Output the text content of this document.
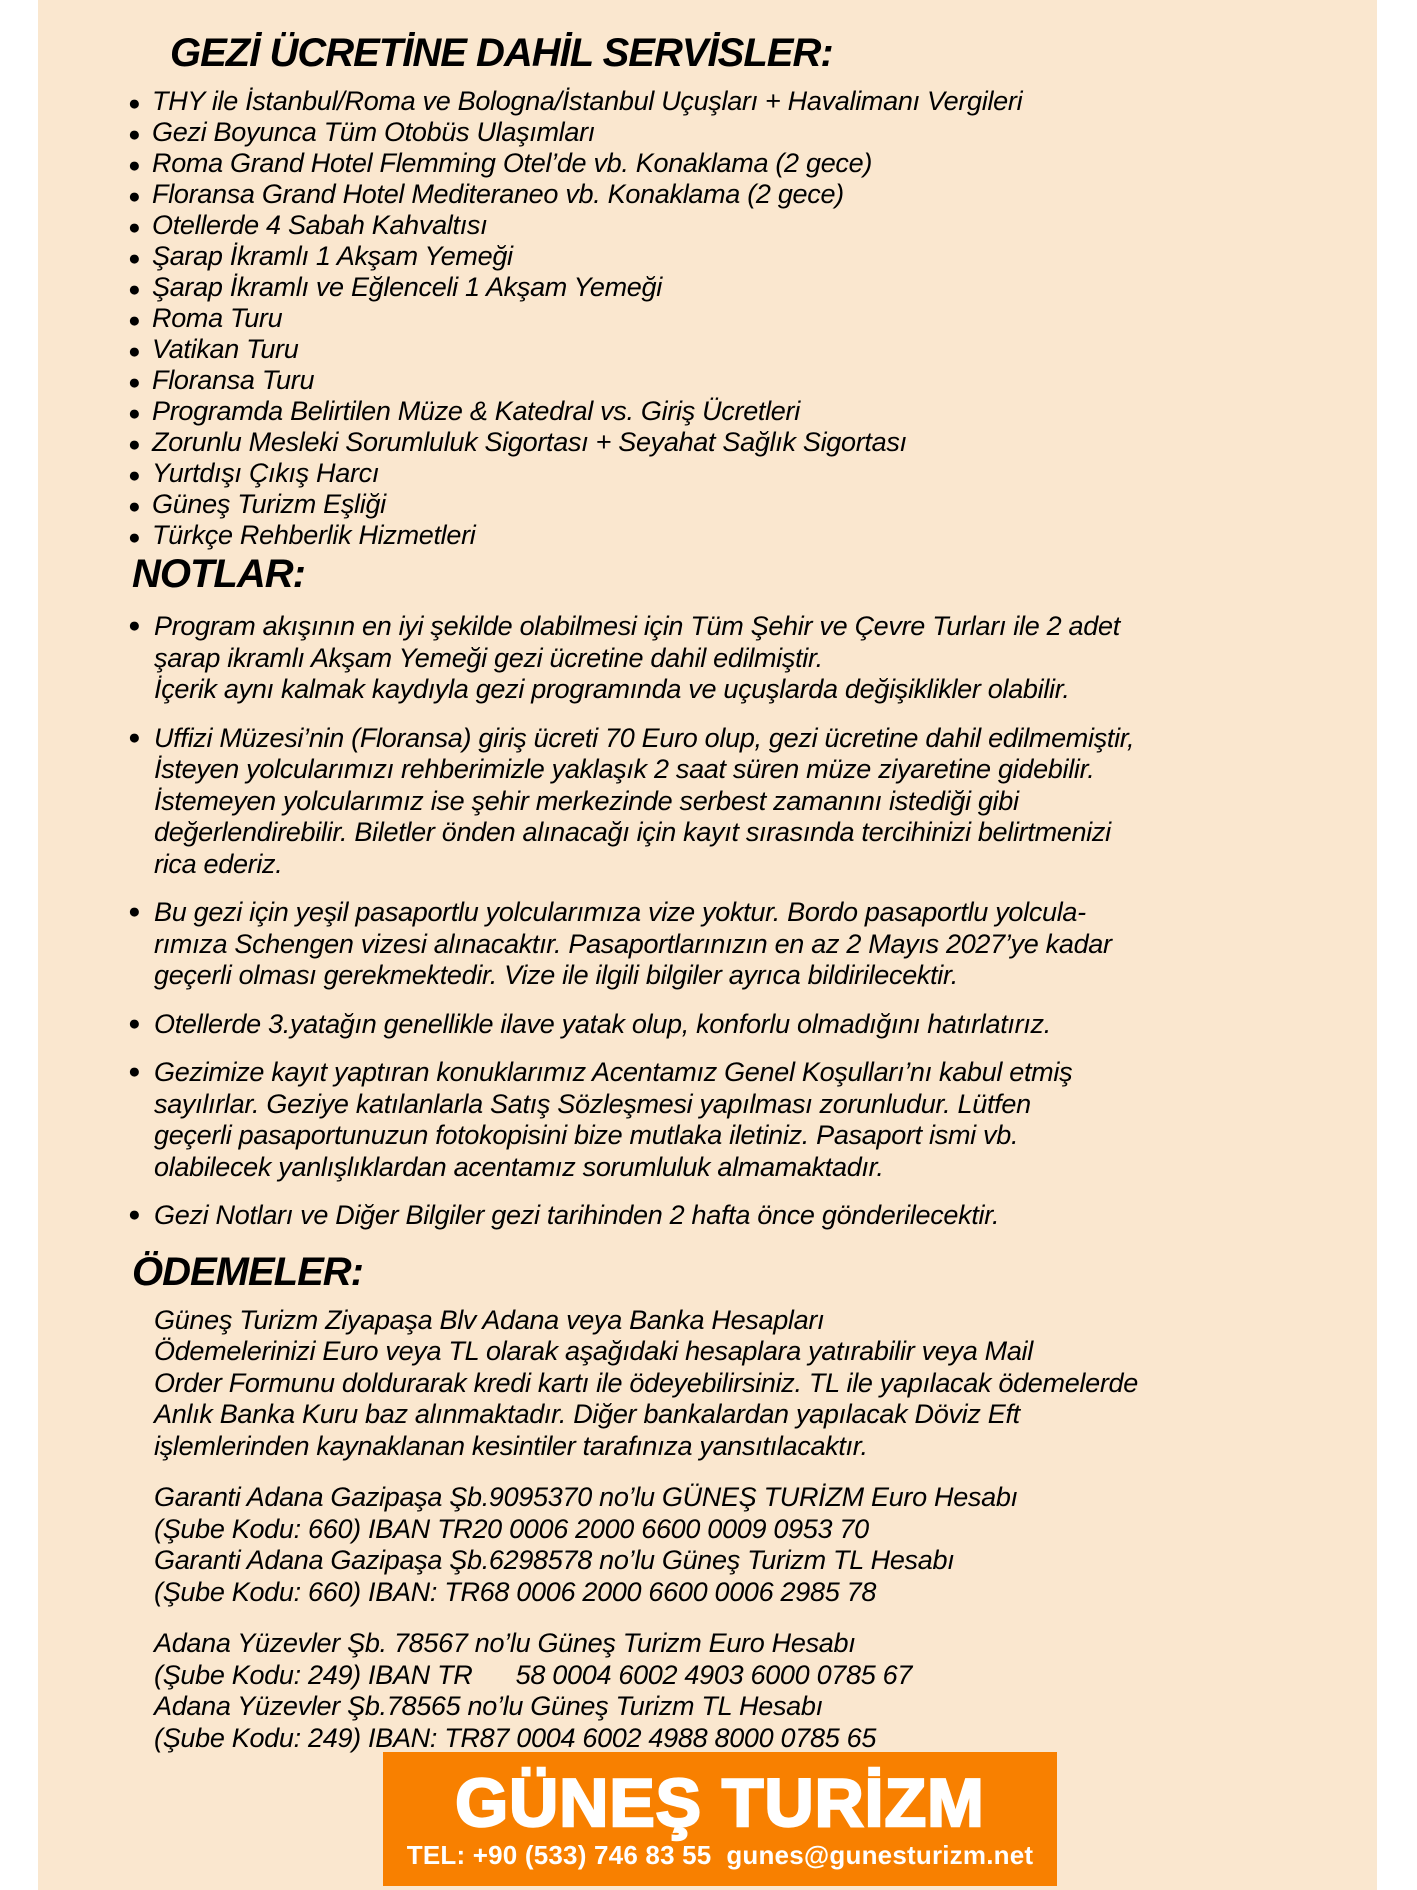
GEZİ ÜCRETİNE DAHİL SERVİSLER:
● THY ile İstanbul/Roma ve Bologna/İstanbul Uçuşları + Havalimanı Vergileri
● Gezi Boyunca Tüm Otobüs Ulaşımları
● Roma Grand Hotel Flemming Otel’de vb. Konaklama (2 gece)
● Floransa Grand Hotel Mediteraneo vb. Konaklama (2 gece)
● Otellerde 4 Sabah Kahvaltısı
● Şarap İkramlı 1 Akşam Yemeği
● Şarap İkramlı ve Eğlenceli 1 Akşam Yemeği
● Roma Turu
● Vatikan Turu
● Floransa Turu
● Programda Belirtilen Müze & Katedral vs. Giriş Ücretleri
● Zorunlu Mesleki Sorumluluk Sigortası + Seyahat Sağlık Sigortası
● Yurtdışı Çıkış Harcı
● Güneş Turizm Eşliği
● Türkçe Rehberlik Hizmetleri
NOTLAR:
● Program akışının en iyi şekilde olabilmesi için Tüm Şehir ve Çevre Turları ile 2 adet
şarap ikramlı Akşam Yemeği gezi ücretine dahil edilmiştir.
İçerik aynı kalmak kaydıyla gezi programında ve uçuşlarda değişiklikler olabilir.
● Uffizi Müzesi’nin (Floransa) giriş ücreti 70 Euro olup, gezi ücretine dahil edilmemiştir,
İsteyen yolcularımızı rehberimizle yaklaşık 2 saat süren müze ziyaretine gidebilir.
İstemeyen yolcularımız ise şehir merkezinde serbest zamanını istediği gibi
değerlendirebilir. Biletler önden alınacağı için kayıt sırasında tercihinizi belirtmenizi
rica ederiz.
● Bu gezi için yeşil pasaportlu yolcularımıza vize yoktur. Bordo pasaportlu yolcula-
rımıza Schengen vizesi alınacaktır. Pasaportlarınızın en az 2 Mayıs 2027’ye kadar
geçerli olması gerekmektedir. Vize ile ilgili bilgiler ayrıca bildirilecektir.
● Otellerde 3.yatağın genellikle ilave yatak olup, konforlu olmadığını hatırlatırız.
● Gezimize kayıt yaptıran konuklarımız Acentamız Genel Koşulları’nı kabul etmiş
sayılırlar. Geziye katılanlarla Satış Sözleşmesi yapılması zorunludur. Lütfen
geçerli pasaportunuzun fotokopisini bize mutlaka iletiniz. Pasaport ismi vb.
olabilecek yanlışlıklardan acentamız sorumluluk almamaktadır.
● Gezi Notları ve Diğer Bilgiler gezi tarihinden 2 hafta önce gönderilecektir.
ÖDEMELER:
Güneş Turizm Ziyapaşa Blv Adana veya Banka Hesapları
Ödemelerinizi Euro veya TL olarak aşağıdaki hesaplara yatırabilir veya Mail
Order Formunu doldurarak kredi kartı ile ödeyebilirsiniz. TL ile yapılacak ödemelerde
Anlık Banka Kuru baz alınmaktadır. Diğer bankalardan yapılacak Döviz Eft
işlemlerinden kaynaklanan kesintiler tarafınıza yansıtılacaktır.
Garanti Adana Gazipaşa Şb.9095370 no’lu GÜNEŞ TURİZM Euro Hesabı
(Şube Kodu: 660) IBAN TR20 0006 2000 6600 0009 0953 70
Garanti Adana Gazipaşa Şb.6298578 no’lu Güneş Turizm TL Hesabı
(Şube Kodu: 660) IBAN: TR68 0006 2000 6600 0006 2985 78
Adana Yüzevler Şb. 78567 no’lu Güneş Turizm Euro Hesabı
(Şube Kodu: 249) IBAN TR      58 0004 6002 4903 6000 0785 67
Adana Yüzevler Şb.78565 no’lu Güneş Turizm TL Hesabı
(Şube Kodu: 249) IBAN: TR87 0004 6002 4988 8000 0785 65
GÜNEŞ TURİZM
TEL: +90 (533) 746 83 55  gunes@gunesturizm.net
